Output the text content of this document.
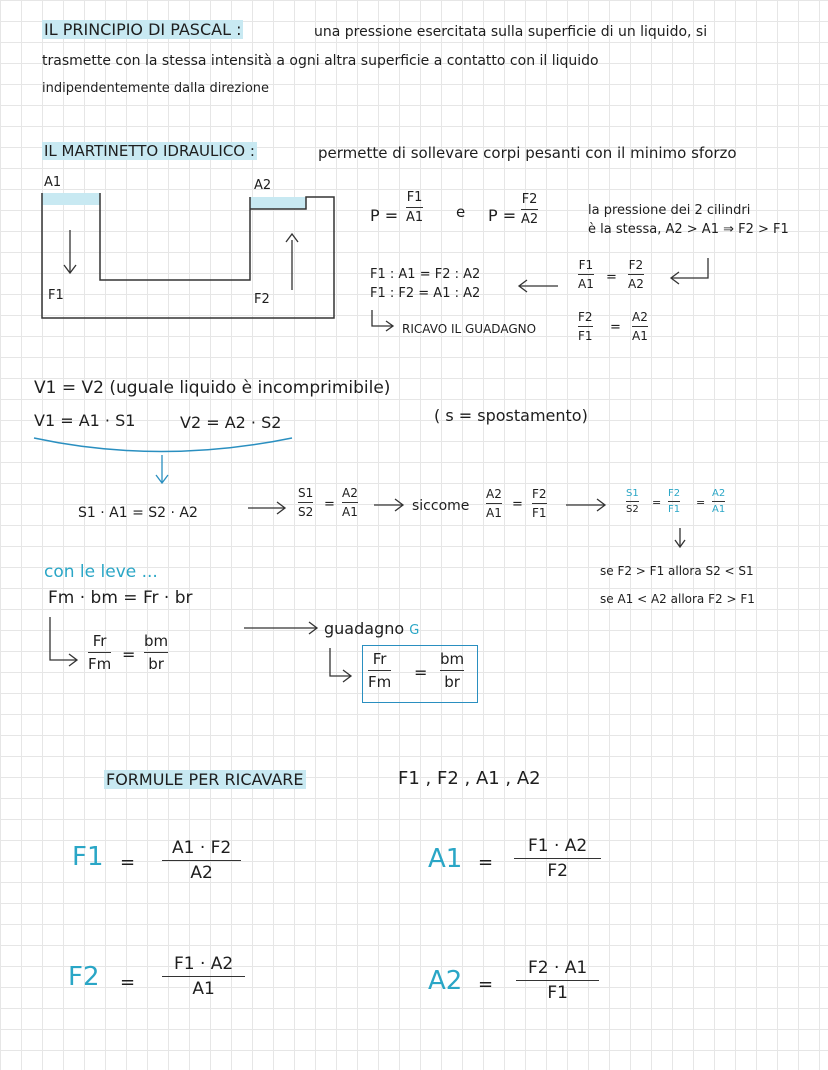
IL PRINCIPIO DI PASCAL :	una pressione esercitata sulla superficie di un liquido, si
trasmette con la stessa intensità a ogni altra superficie a contatto con il liquido
indipendentemente dalla direzione
IL MARTINETTO IDRAULICO :	permette di sollevare corpi pesanti con il minimo sforzo
A1	A2
F1	F2
P =
F1
A1 e P =
F2
A2
la pressione dei 2 cilindri
è la stessa, A2 > A1 ⇒ F2 > F1
F1 : A1 = F2 : A2
F1 : F2 = A1 : A2
F1
A1 =
F2
A2
RICAVO IL GUADAGNO
F2
F1
=
A2
A1
V1 = V2 (uguale liquido è incomprimibile)
V1 = A1 · S1	V2 = A2 · S2	( s = spostamento)
S1 · A1 = S2 · A2
S1
S2 =
A2
A1	siccome
A2
A1
=
F2
F1
S1
S2
=
F2
F1
=
A2
A1
se F2 > F1 allora S2 < S1
se A1 < A2 allora F2 > F1
con le leve ...
Fm · bm = Fr · br
Fr
Fm =
bm
br
guadagno G
Fr
Fm =
bm
br
FORMULE PER RICAVARE	F1 , F2 , A1 , A2
F1 =
A1 · F2
A2	A1 =
F1 · A2
F2
F2 =
F1 · A2
A1	A2 =
F2 · A1
F1
